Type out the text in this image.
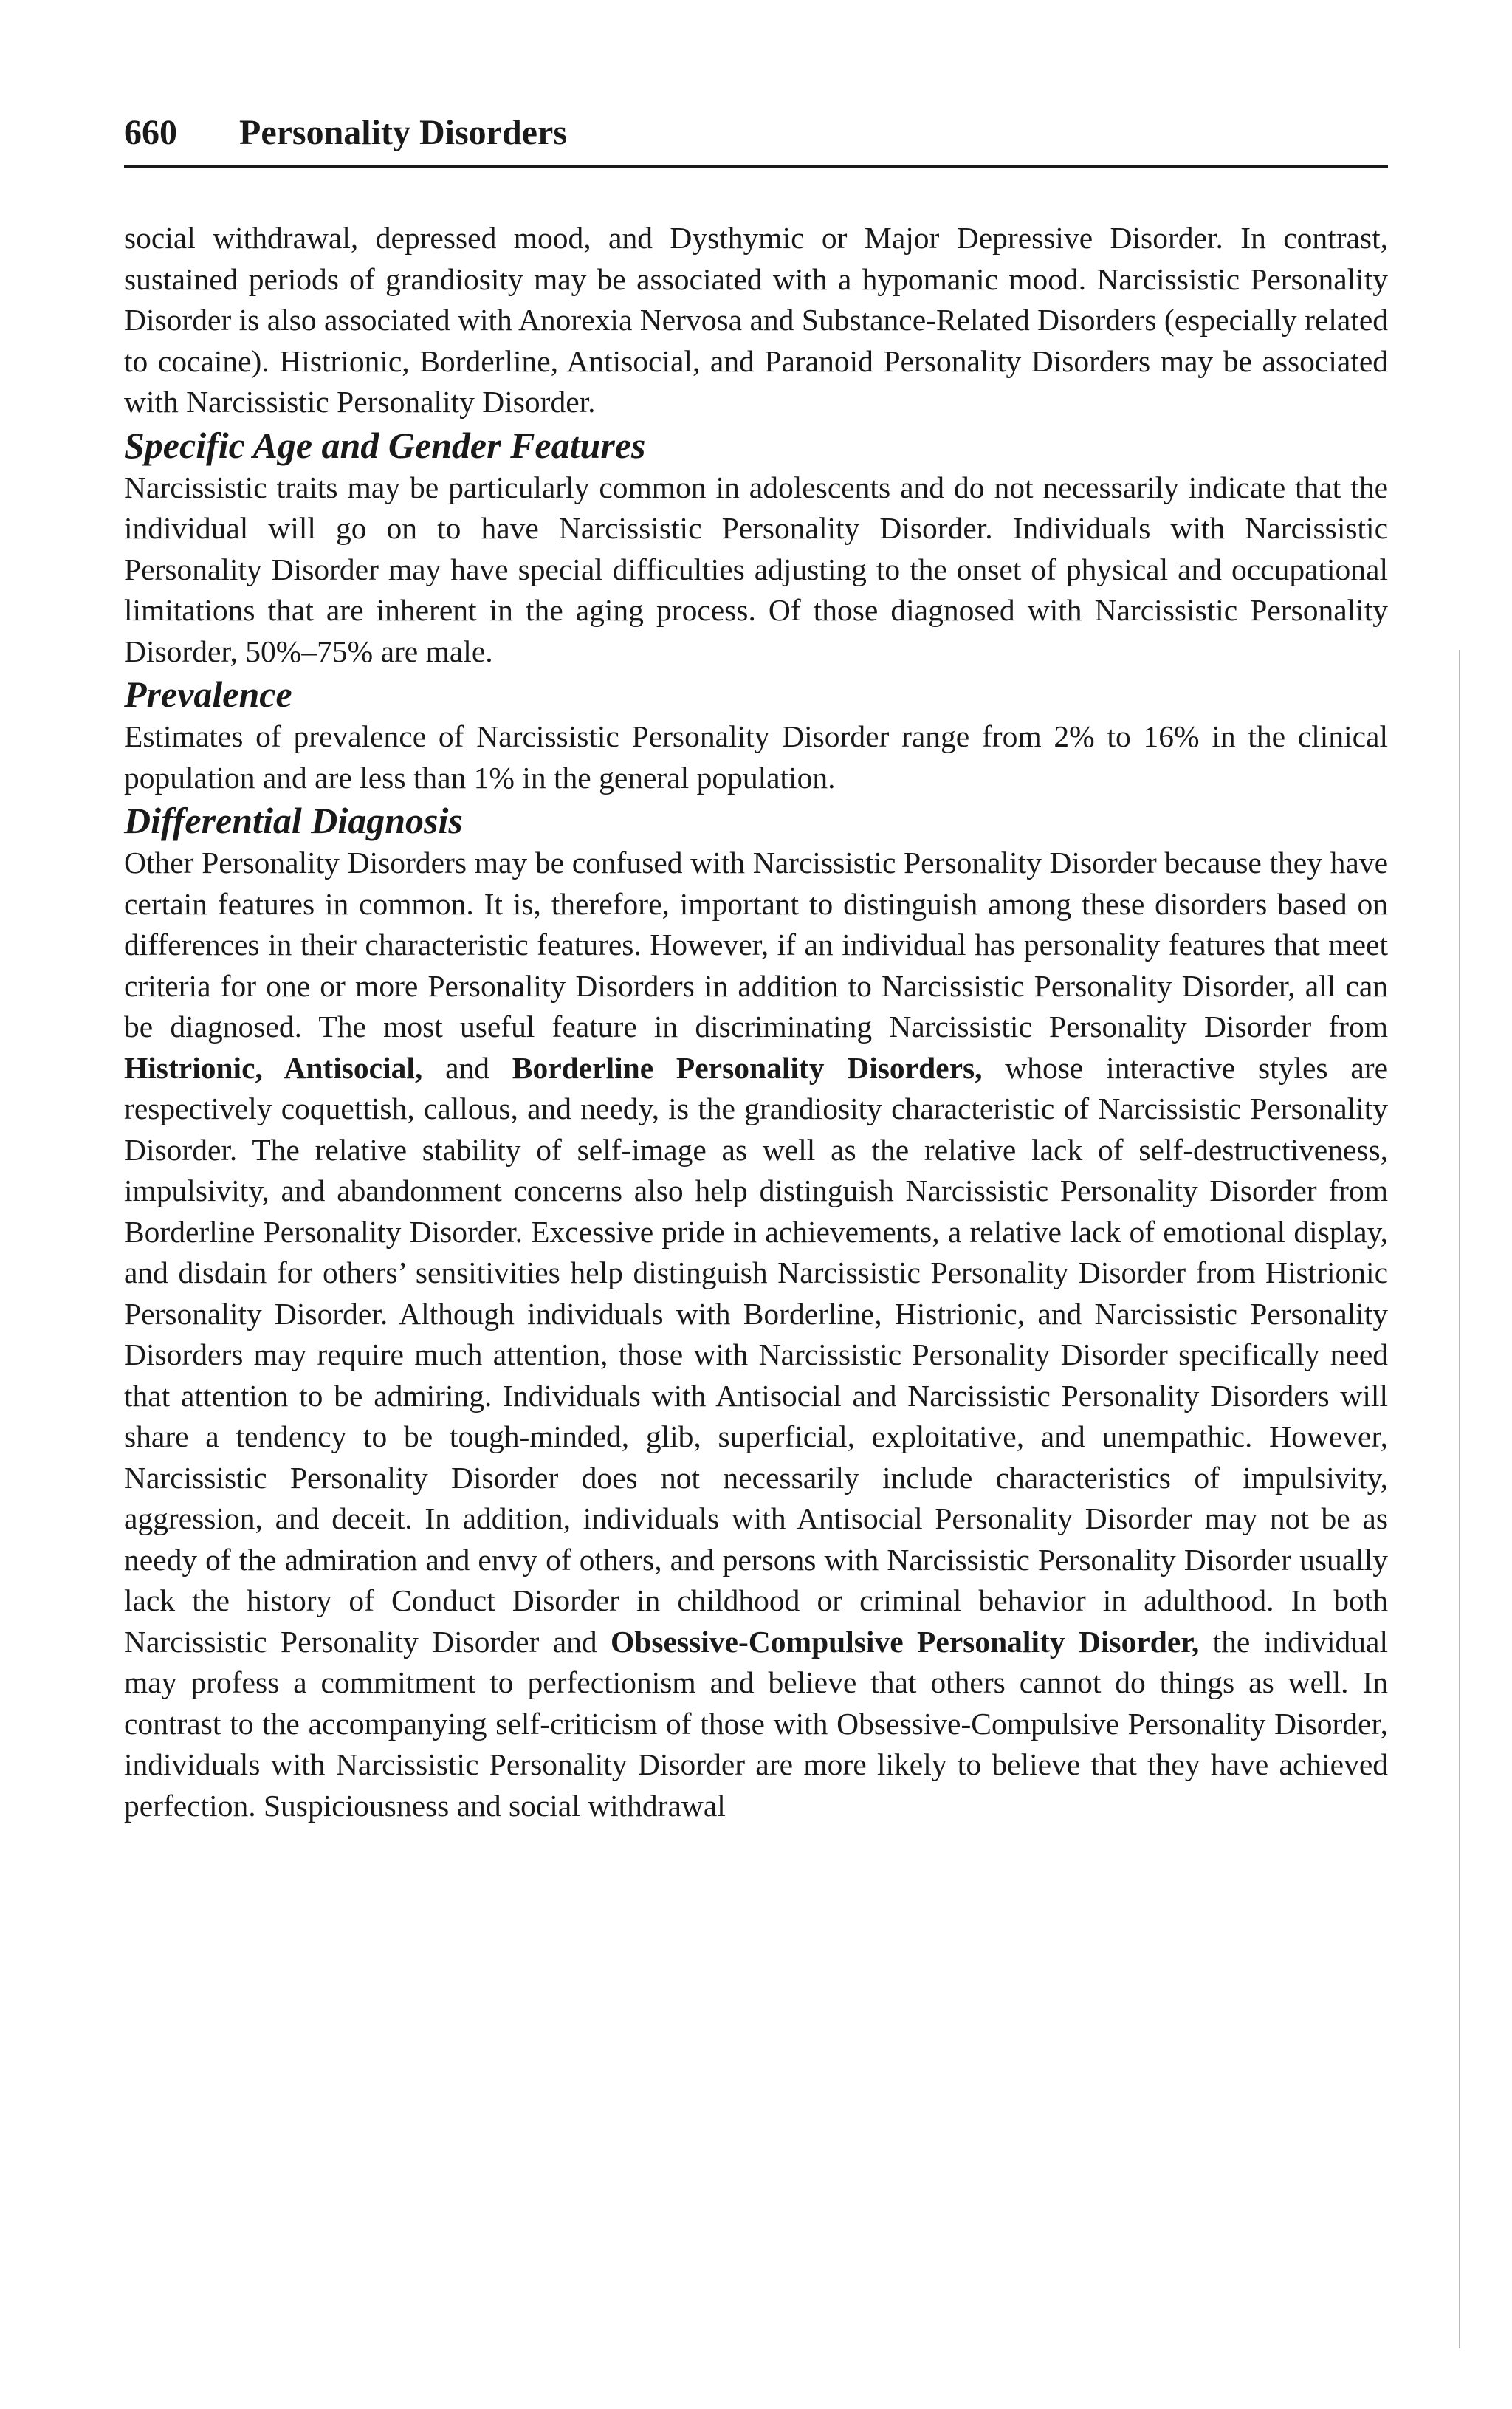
660	Personality Disorders

social withdrawal, depressed mood, and Dysthymic or Major Depressive Disorder. In contrast, sustained periods of grandiosity may be associated with a hypomanic mood. Narcissistic Personality Disorder is also associated with Anorexia Nervosa and Substance-Related Disorders (especially related to cocaine). Histrionic, Borderline, Antisocial, and Paranoid Personality Disorders may be associated with Narcissistic Personality Disorder.

Specific Age and Gender Features

Narcissistic traits may be particularly common in adolescents and do not necessarily indicate that the individual will go on to have Narcissistic Personality Disorder. Individuals with Narcissistic Personality Disorder may have special difficulties adjusting to the onset of physical and occupational limitations that are inherent in the aging process. Of those diagnosed with Narcissistic Personality Disorder, 50%–75% are male.

Prevalence

Estimates of prevalence of Narcissistic Personality Disorder range from 2% to 16% in the clinical population and are less than 1% in the general population.

Differential Diagnosis

Other Personality Disorders may be confused with Narcissistic Personality Disorder because they have certain features in common. It is, therefore, important to distinguish among these disorders based on differences in their characteristic features. However, if an individual has personality features that meet criteria for one or more Personality Disorders in addition to Narcissistic Personality Disorder, all can be diagnosed. The most useful feature in discriminating Narcissistic Personality Disorder from Histrionic, Antisocial, and Borderline Personality Disorders, whose interactive styles are respectively coquettish, callous, and needy, is the grandiosity characteristic of Narcissistic Personality Disorder. The relative stability of self-image as well as the relative lack of self-destructiveness, impulsivity, and abandonment concerns also help distinguish Narcissistic Personality Disorder from Borderline Personality Disorder. Excessive pride in achievements, a relative lack of emotional display, and disdain for others’ sensitivities help distinguish Narcissistic Personality Disorder from Histrionic Personality Disorder. Although individuals with Borderline, Histrionic, and Narcissistic Personality Disorders may require much attention, those with Narcissistic Personality Disorder specifically need that attention to be admiring. Individuals with Antisocial and Narcissistic Personality Disorders will share a tendency to be tough-minded, glib, superficial, exploitative, and unempathic. However, Narcissistic Personality Disorder does not necessarily include characteristics of impulsivity, aggression, and deceit. In addition, individuals with Antisocial Personality Disorder may not be as needy of the admiration and envy of others, and persons with Narcissistic Personality Disorder usually lack the history of Conduct Disorder in childhood or criminal behavior in adulthood. In both Narcissistic Personality Disorder and Obsessive-Compulsive Personality Disorder, the individual may profess a commitment to perfectionism and believe that others cannot do things as well. In contrast to the accompanying self-criticism of those with Obsessive-Compulsive Personality Disorder, individuals with Narcissistic Personality Disorder are more likely to believe that they have achieved perfection. Suspiciousness and social withdrawal
